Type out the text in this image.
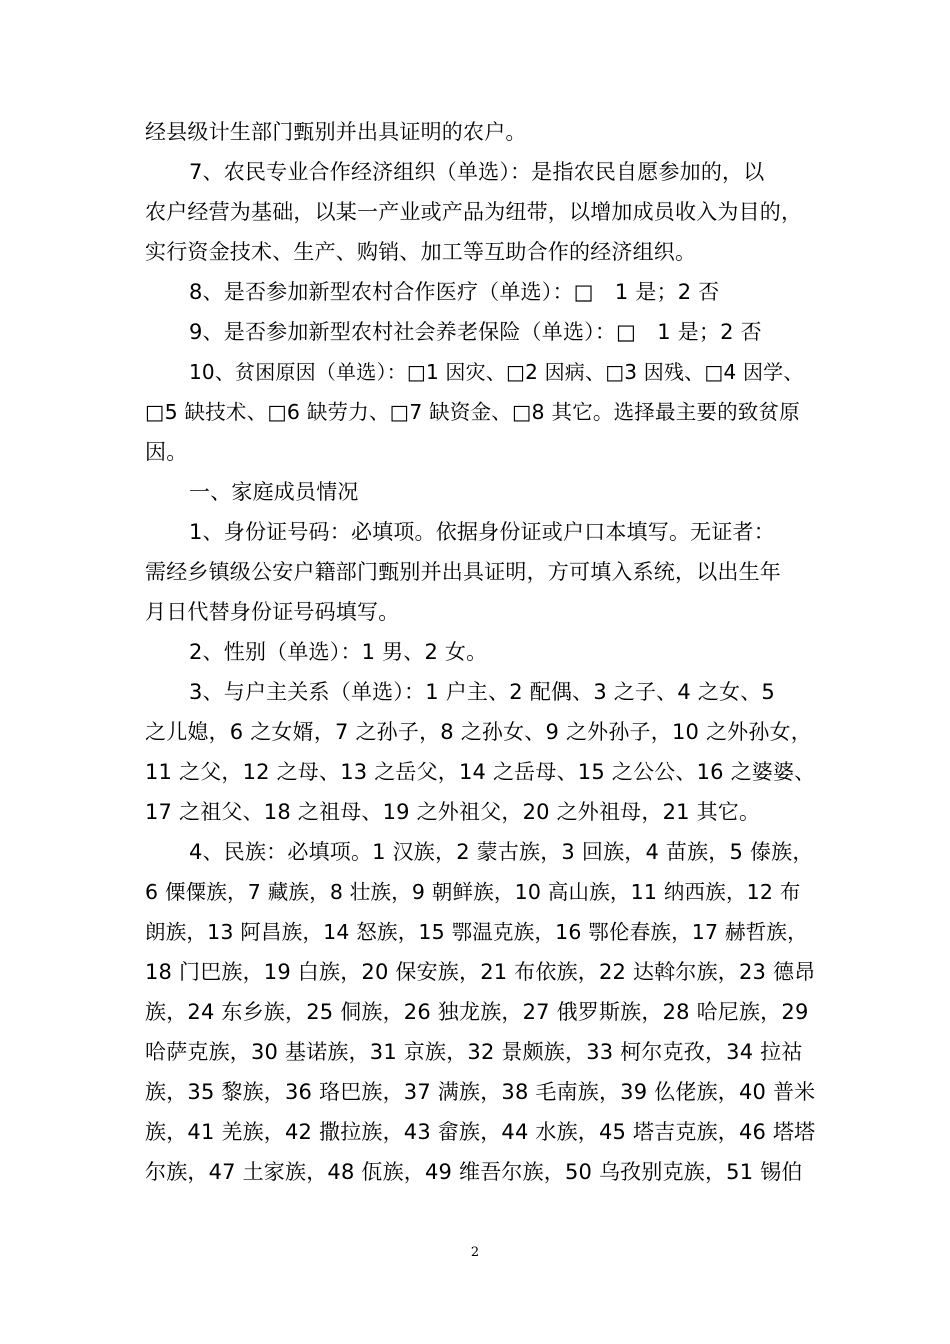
经县级计生部门甄别并出具证明的农户。
7、农民专业合作经济组织（单选）：是指农民自愿参加的，以
农户经营为基础，以某一产业或产品为纽带，以增加成员收入为目的，
实行资金技术、生产、购销、加工等互助合作的经济组织。
8、是否参加新型农村合作医疗（单选）：□　1 是；2 否
9、是否参加新型农村社会养老保险（单选）：□　1 是；2 否
10、贫困原因（单选）：□1 因灾、□2 因病、□3 因残、□4 因学、
□5 缺技术、□6 缺劳力、□7 缺资金、□8 其它。选择最主要的致贫原
因。
一、家庭成员情况
1、身份证号码：必填项。依据身份证或户口本填写。无证者：
需经乡镇级公安户籍部门甄别并出具证明，方可填入系统，以出生年
月日代替身份证号码填写。
2、性别（单选）：1 男、2 女。
3、与户主关系（单选）：1 户主、2 配偶、3 之子、4 之女、5
之儿媳，6 之女婿，7 之孙子，8 之孙女、9 之外孙子，10 之外孙女，
11 之父，12 之母、13 之岳父，14 之岳母、15 之公公、16 之婆婆、
17 之祖父、18 之祖母、19 之外祖父，20 之外祖母，21 其它。
4、民族：必填项。1 汉族，2 蒙古族，3 回族，4 苗族，5 傣族，
6 傈僳族，7 藏族，8 壮族，9 朝鲜族，10 高山族，11 纳西族，12 布
朗族，13 阿昌族，14 怒族，15 鄂温克族，16 鄂伦春族，17 赫哲族，
18 门巴族，19 白族，20 保安族，21 布依族，22 达斡尔族，23 德昂
族，24 东乡族，25 侗族，26 独龙族，27 俄罗斯族，28 哈尼族，29
哈萨克族，30 基诺族，31 京族，32 景颇族，33 柯尔克孜，34 拉祜
族，35 黎族，36 珞巴族，37 满族，38 毛南族，39 仫佬族，40 普米
族，41 羌族，42 撒拉族，43 畲族，44 水族，45 塔吉克族，46 塔塔
尔族，47 土家族，48 佤族，49 维吾尔族，50 乌孜别克族，51 锡伯
2
